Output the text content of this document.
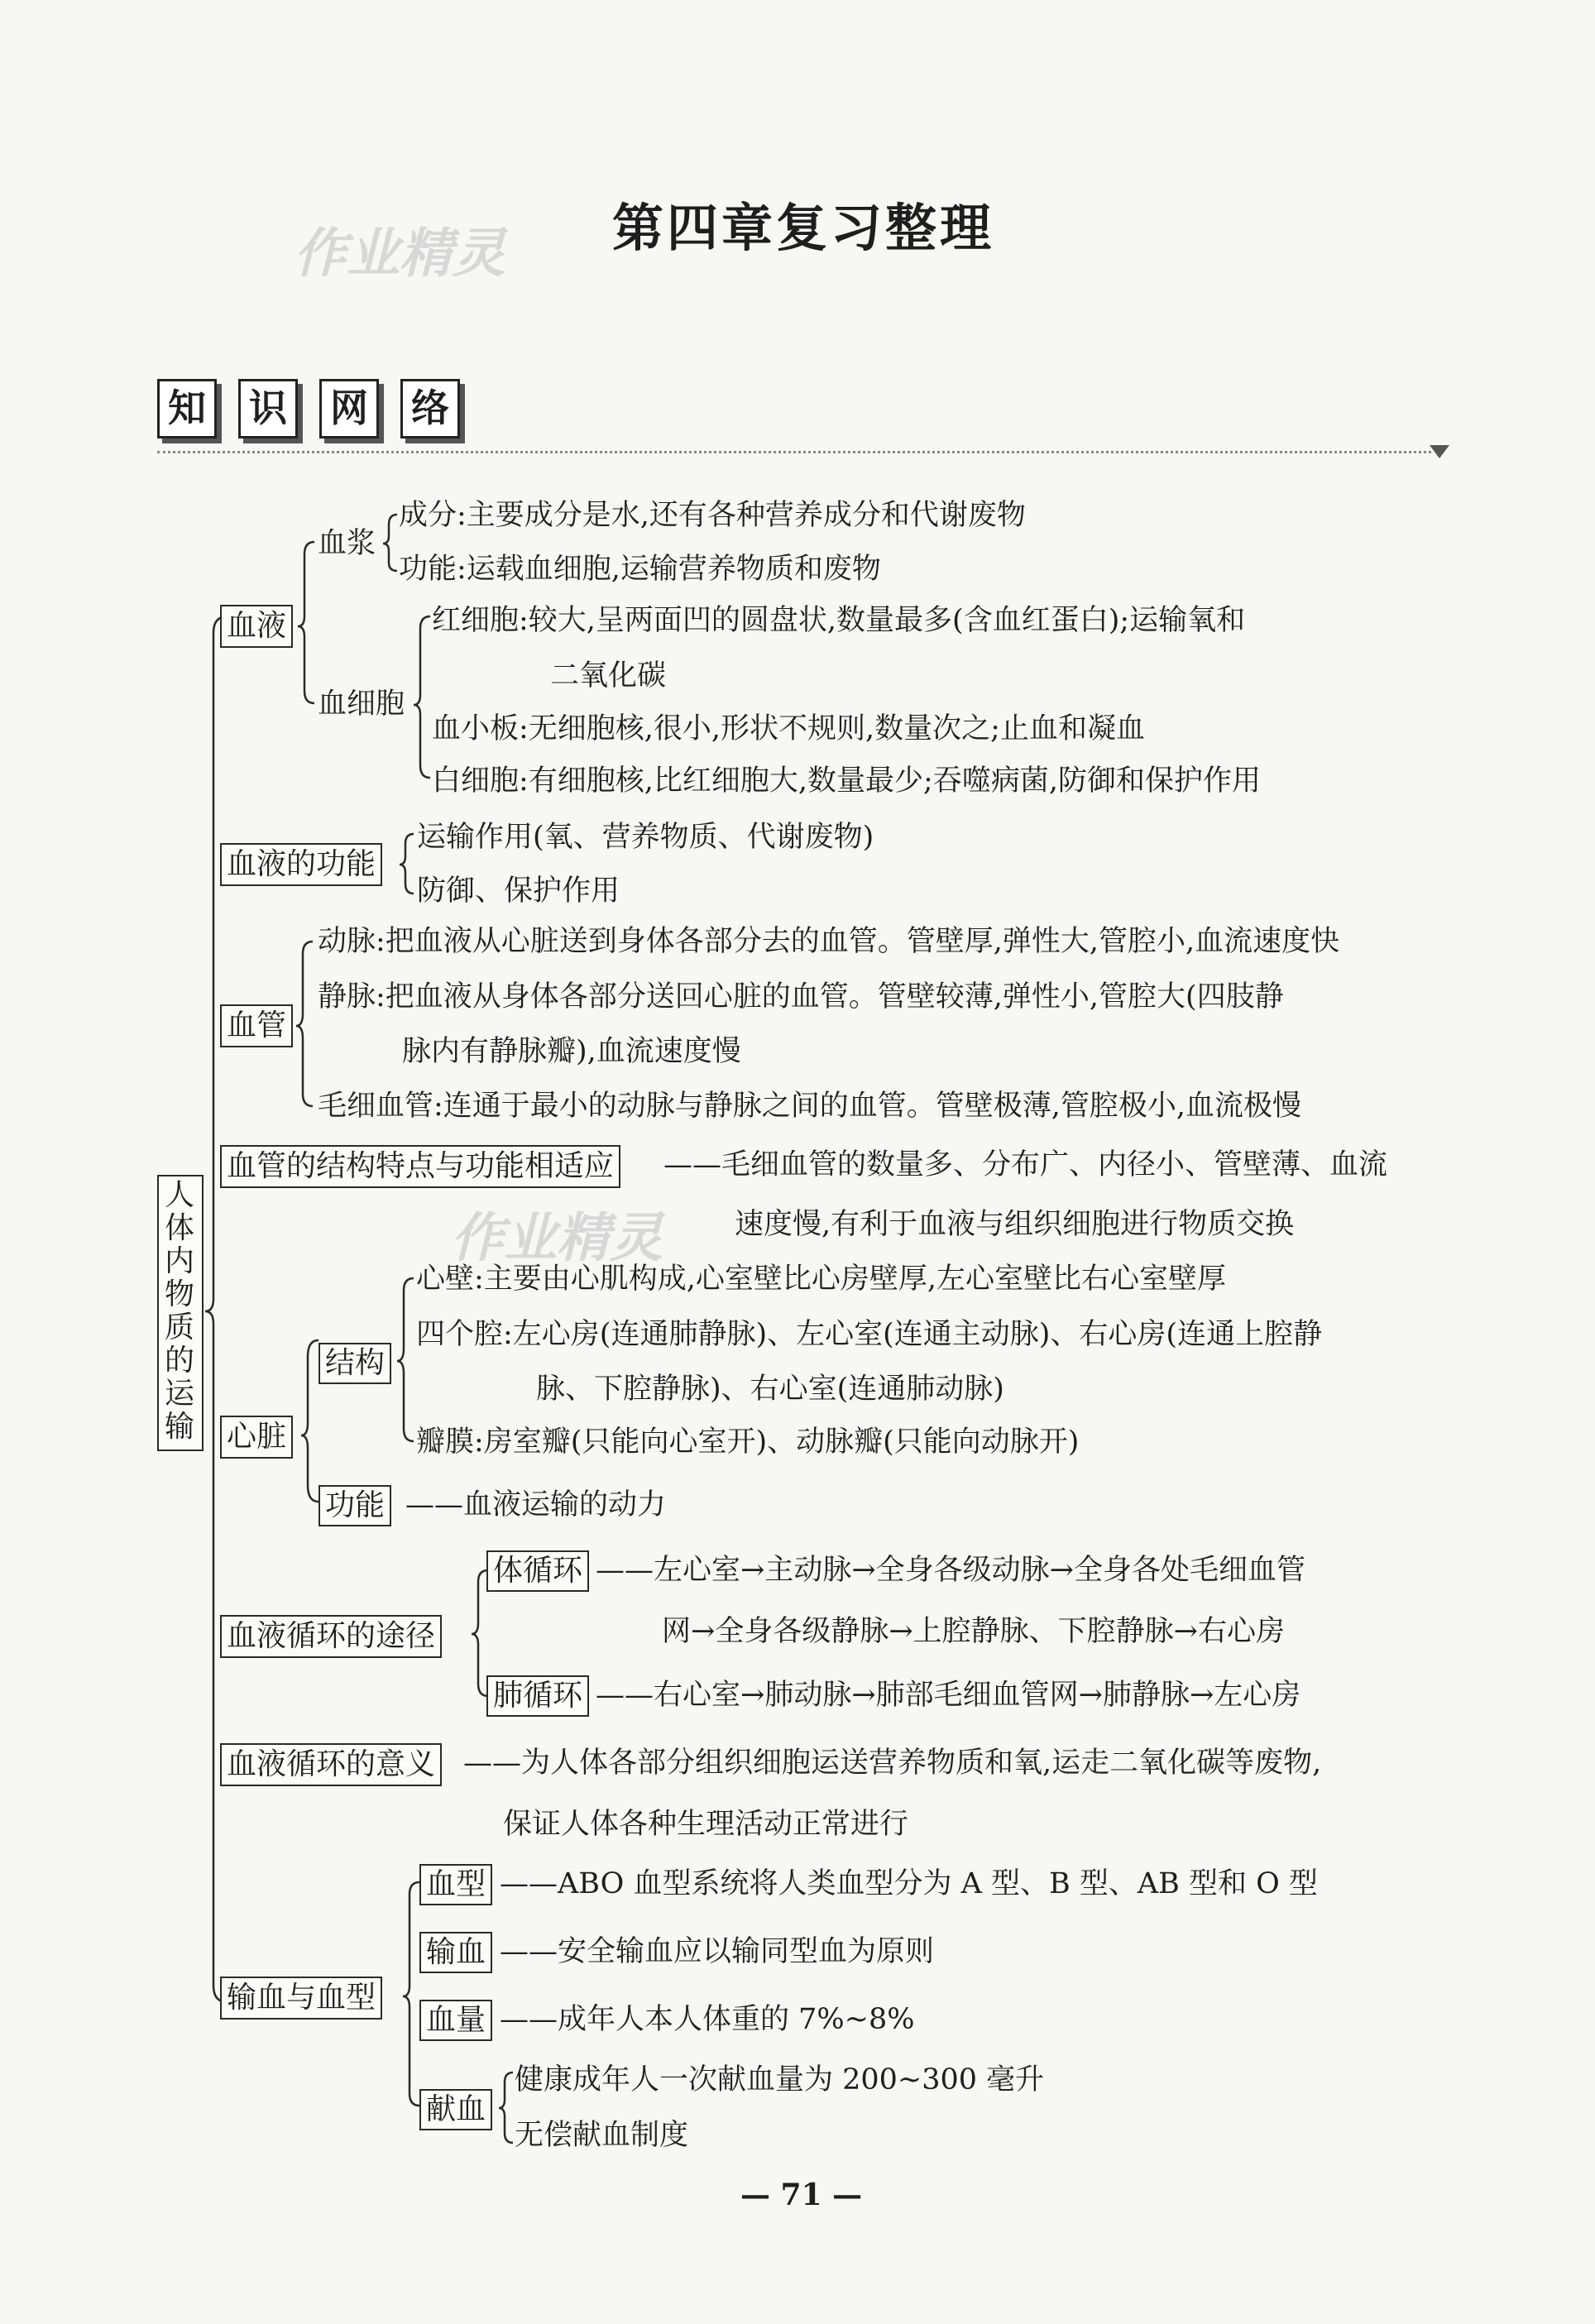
作业精灵
作业精灵
第四章复习整理
知 识 网 络
人体内物质的运输
血液
血浆
成分:主要成分是水,还有各种营养成分和代谢废物
功能:运载血细胞,运输营养物质和废物
血细胞
红细胞:较大,呈两面凹的圆盘状,数量最多(含血红蛋白);运输氧和
二氧化碳
血小板:无细胞核,很小,形状不规则,数量次之;止血和凝血
白细胞:有细胞核,比红细胞大,数量最少;吞噬病菌,防御和保护作用
血液的功能
运输作用(氧、营养物质、代谢废物)
防御、保护作用
血管
动脉:把血液从心脏送到身体各部分去的血管。管壁厚,弹性大,管腔小,血流速度快
静脉:把血液从身体各部分送回心脏的血管。管壁较薄,弹性小,管腔大(四肢静
脉内有静脉瓣),血流速度慢
毛细血管:连通于最小的动脉与静脉之间的血管。管壁极薄,管腔极小,血流极慢
血管的结构特点与功能相适应 ——毛细血管的数量多、分布广、内径小、管壁薄、血流
速度慢,有利于血液与组织细胞进行物质交换
心脏
结构
心壁:主要由心肌构成,心室壁比心房壁厚,左心室壁比右心室壁厚
四个腔:左心房(连通肺静脉)、左心室(连通主动脉)、右心房(连通上腔静
脉、下腔静脉)、右心室(连通肺动脉)
瓣膜:房室瓣(只能向心室开)、动脉瓣(只能向动脉开)
功能 ——血液运输的动力
血液循环的途径
体循环 ——左心室→主动脉→全身各级动脉→全身各处毛细血管
网→全身各级静脉→上腔静脉、下腔静脉→右心房
肺循环 ——右心室→肺动脉→肺部毛细血管网→肺静脉→左心房
血液循环的意义 ——为人体各部分组织细胞运送营养物质和氧,运走二氧化碳等废物,
保证人体各种生理活动正常进行
输血与血型
血型 ——ABO 血型系统将人类血型分为 A 型、B 型、AB 型和 O 型
输血 ——安全输血应以输同型血为原则
血量 ——成年人本人体重的 7%~8%
献血
健康成年人一次献血量为 200~300 毫升
无偿献血制度
— 71 —
